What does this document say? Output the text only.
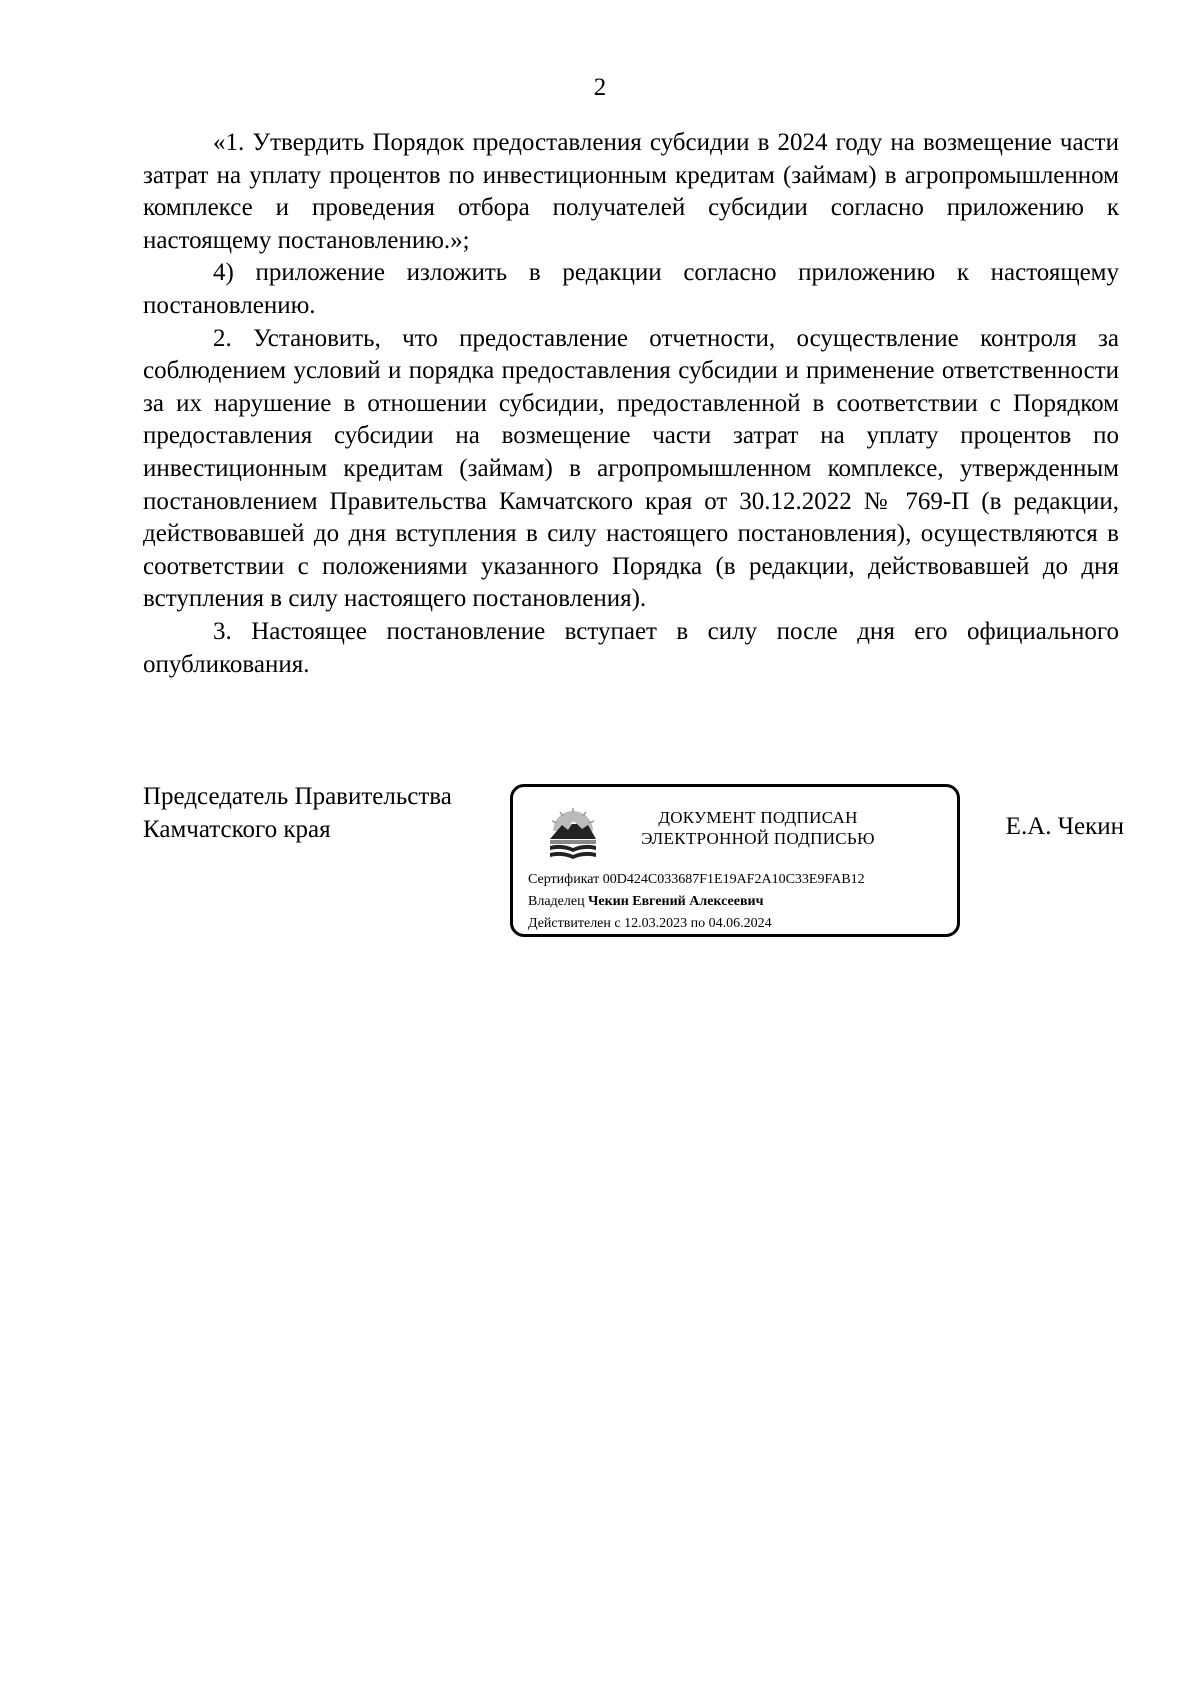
2

«1. Утвердить Порядок предоставления субсидии в 2024 году на возмещение части затрат на уплату процентов по инвестиционным кредитам (займам) в агропромышленном комплексе и проведения отбора получателей субсидии согласно приложению к настоящему постановлению.»;

4) приложение изложить в редакции согласно приложению к настоящему постановлению.

2. Установить, что предоставление отчетности, осуществление контроля за соблюдением условий и порядка предоставления субсидии и применение ответственности за их нарушение в отношении субсидии, предоставленной в соответствии с Порядком предоставления субсидии на возмещение части затрат на уплату процентов по инвестиционным кредитам (займам) в агропромышленном комплексе, утвержденным постановлением Правительства Камчатского края от 30.12.2022 № 769-П (в редакции, действовавшей до дня вступления в силу настоящего постановления), осуществляются в соответствии с положениями указанного Порядка (в редакции, действовавшей до дня вступления в силу настоящего постановления).

3. Настоящее постановление вступает в силу после дня его официального опубликования.

Председатель Правительства
Камчатского края	ДОКУМЕНТ ПОДПИСАН
ЭЛЕКТРОННОЙ ПОДПИСЬЮ
Сертификат 00D424C033687F1E19AF2A10C33E9FAB12
Владелец Чекин Евгений Алексеевич
Действителен с 12.03.2023 по 04.06.2024
Е.А. Чекин
